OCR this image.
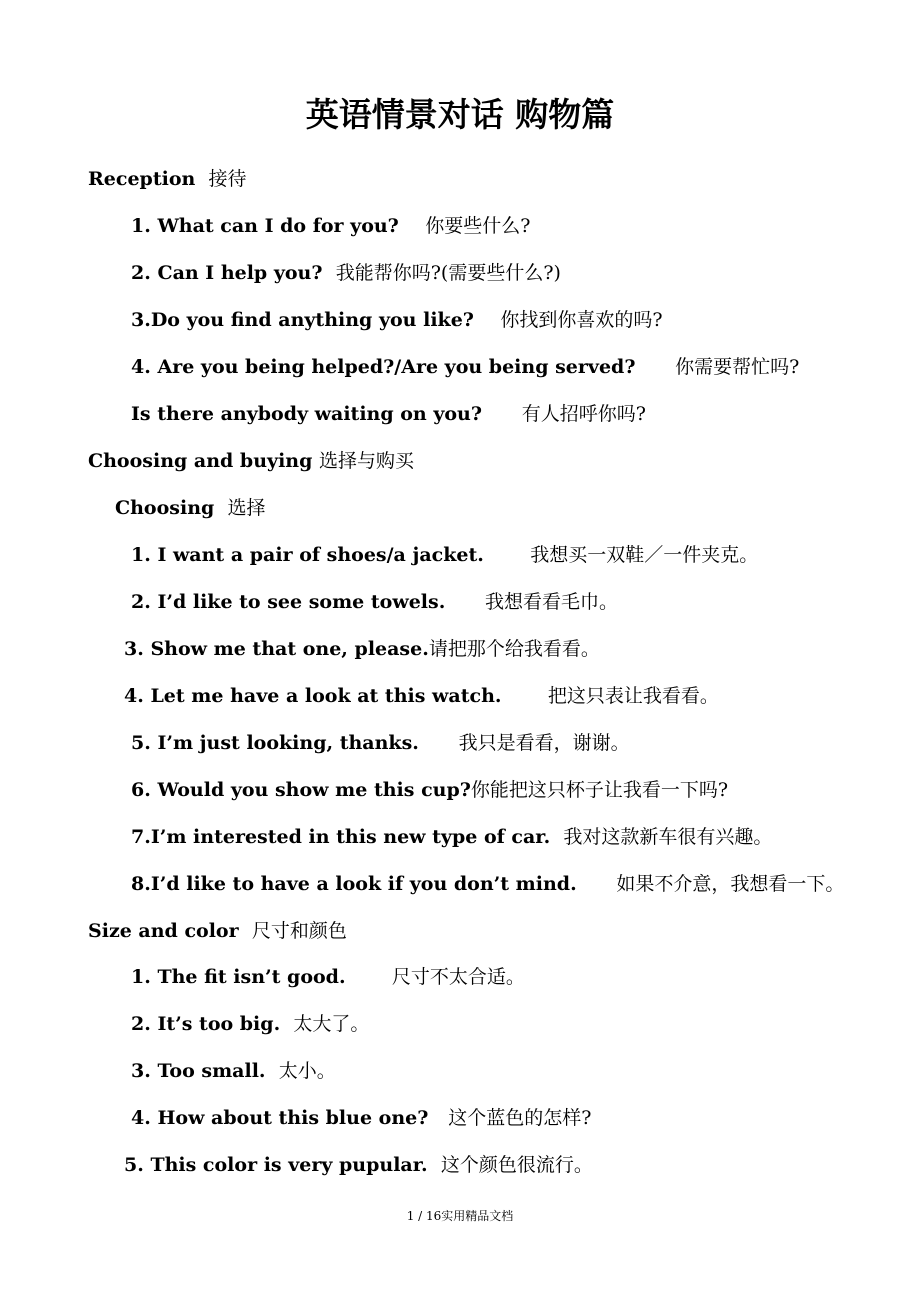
英语情景对话 购物篇
Reception  接待
1. What can I do for you?    你要些什么?
2. Can I help you?  我能帮你吗?(需要些什么?)
3.Do you find anything you like?    你找到你喜欢的吗?
4. Are you being helped?/Are you being served?      你需要帮忙吗?
Is there anybody waiting on you?      有人招呼你吗?
Choosing and buying 选择与购买
Choosing  选择
1. I want a pair of shoes/a jacket.       我想买一双鞋／一件夹克。
2. I’d like to see some towels.      我想看看毛巾。
3. Show me that one, please.请把那个给我看看。
4. Let me have a look at this watch.       把这只表让我看看。
5. I’m just looking, thanks.      我只是看看，谢谢。
6. Would you show me this cup?你能把这只杯子让我看一下吗?
7.I’m interested in this new type of car.  我对这款新车很有兴趣。
8.I’d like to have a look if you don’t mind.      如果不介意，我想看一下。
Size and color  尺寸和颜色
1. The fit isn’t good.       尺寸不太合适。
2. It’s too big.  太大了。
3. Too small.  太小。
4. How about this blue one?   这个蓝色的怎样?
5. This color is very pupular.  这个颜色很流行。
1 / 16实用精品文档
